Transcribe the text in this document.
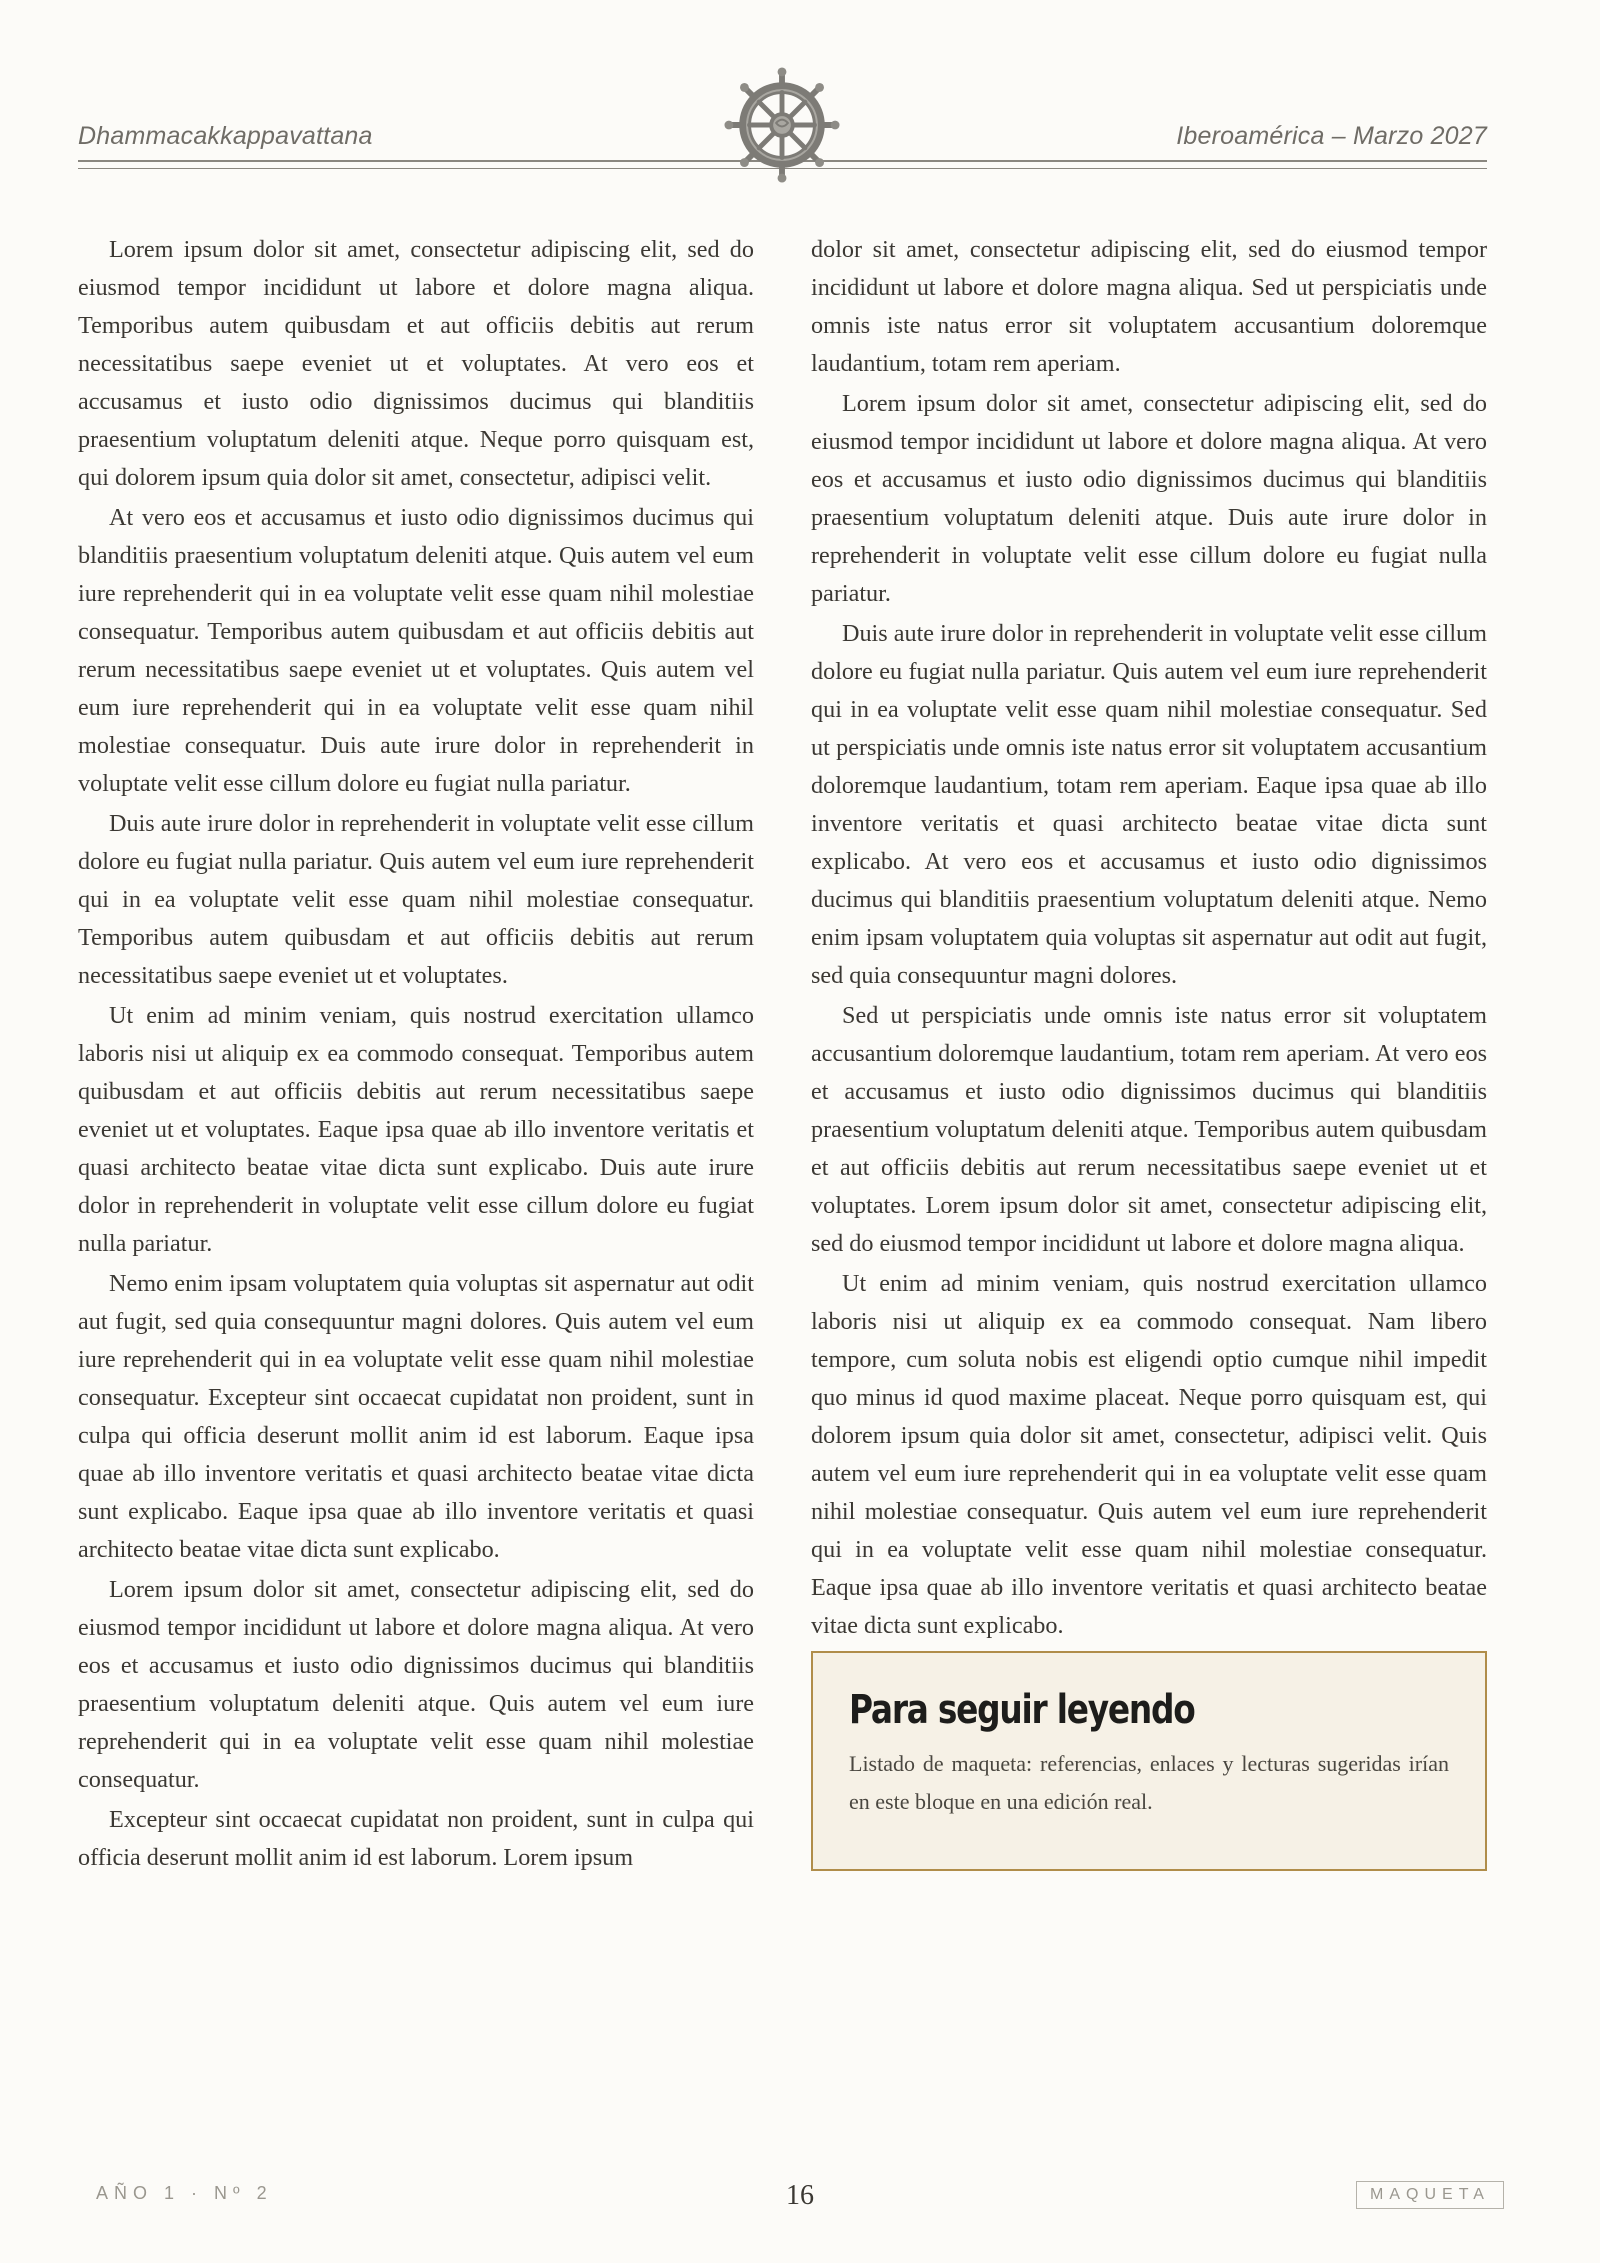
Dhammacakkappavattana	Iberoamérica – Marzo 2027

Lorem ipsum dolor sit amet, consectetur adipiscing elit, sed do eiusmod tempor incididunt ut labore et dolore magna aliqua. Temporibus autem quibusdam et aut officiis debitis aut rerum necessitatibus saepe eveniet ut et voluptates. At vero eos et accusamus et iusto odio dignissimos ducimus qui blanditiis praesentium voluptatum deleniti atque. Neque porro quisquam est, qui dolorem ipsum quia dolor sit amet, consectetur, adipisci velit.

At vero eos et accusamus et iusto odio dignissimos ducimus qui blanditiis praesentium voluptatum deleniti atque. Quis autem vel eum iure reprehenderit qui in ea voluptate velit esse quam nihil molestiae consequatur. Temporibus autem quibusdam et aut officiis debitis aut rerum necessitatibus saepe eveniet ut et voluptates. Quis autem vel eum iure reprehenderit qui in ea voluptate velit esse quam nihil molestiae consequatur. Duis aute irure dolor in reprehenderit in voluptate velit esse cillum dolore eu fugiat nulla pariatur.

Duis aute irure dolor in reprehenderit in voluptate velit esse cillum dolore eu fugiat nulla pariatur. Quis autem vel eum iure reprehenderit qui in ea voluptate velit esse quam nihil molestiae consequatur. Temporibus autem quibusdam et aut officiis debitis aut rerum necessitatibus saepe eveniet ut et voluptates.

Ut enim ad minim veniam, quis nostrud exercitation ullamco laboris nisi ut aliquip ex ea commodo consequat. Temporibus autem quibusdam et aut officiis debitis aut rerum necessitatibus saepe eveniet ut et voluptates. Eaque ipsa quae ab illo inventore veritatis et quasi architecto beatae vitae dicta sunt explicabo. Duis aute irure dolor in reprehenderit in voluptate velit esse cillum dolore eu fugiat nulla pariatur.

Nemo enim ipsam voluptatem quia voluptas sit aspernatur aut odit aut fugit, sed quia consequuntur magni dolores. Quis autem vel eum iure reprehenderit qui in ea voluptate velit esse quam nihil molestiae consequatur. Excepteur sint occaecat cupidatat non proident, sunt in culpa qui officia deserunt mollit anim id est laborum. Eaque ipsa quae ab illo inventore veritatis et quasi architecto beatae vitae dicta sunt explicabo. Eaque ipsa quae ab illo inventore veritatis et quasi architecto beatae vitae dicta sunt explicabo.

Lorem ipsum dolor sit amet, consectetur adipiscing elit, sed do eiusmod tempor incididunt ut labore et dolore magna aliqua. At vero eos et accusamus et iusto odio dignissimos ducimus qui blanditiis praesentium voluptatum deleniti atque. Quis autem vel eum iure reprehenderit qui in ea voluptate velit esse quam nihil molestiae consequatur.

Excepteur sint occaecat cupidatat non proident, sunt in culpa qui officia deserunt mollit anim id est laborum. Lorem ipsum

dolor sit amet, consectetur adipiscing elit, sed do eiusmod tempor incididunt ut labore et dolore magna aliqua. Sed ut perspiciatis unde omnis iste natus error sit voluptatem accusantium doloremque laudantium, totam rem aperiam.

Lorem ipsum dolor sit amet, consectetur adipiscing elit, sed do eiusmod tempor incididunt ut labore et dolore magna aliqua. At vero eos et accusamus et iusto odio dignissimos ducimus qui blanditiis praesentium voluptatum deleniti atque. Duis aute irure dolor in reprehenderit in voluptate velit esse cillum dolore eu fugiat nulla pariatur.

Duis aute irure dolor in reprehenderit in voluptate velit esse cillum dolore eu fugiat nulla pariatur. Quis autem vel eum iure reprehenderit qui in ea voluptate velit esse quam nihil molestiae consequatur. Sed ut perspiciatis unde omnis iste natus error sit voluptatem accusantium doloremque laudantium, totam rem aperiam. Eaque ipsa quae ab illo inventore veritatis et quasi architecto beatae vitae dicta sunt explicabo. At vero eos et accusamus et iusto odio dignissimos ducimus qui blanditiis praesentium voluptatum deleniti atque. Nemo enim ipsam voluptatem quia voluptas sit aspernatur aut odit aut fugit, sed quia consequuntur magni dolores.

Sed ut perspiciatis unde omnis iste natus error sit voluptatem accusantium doloremque laudantium, totam rem aperiam. At vero eos et accusamus et iusto odio dignissimos ducimus qui blanditiis praesentium voluptatum deleniti atque. Temporibus autem quibusdam et aut officiis debitis aut rerum necessitatibus saepe eveniet ut et voluptates. Lorem ipsum dolor sit amet, consectetur adipiscing elit, sed do eiusmod tempor incididunt ut labore et dolore magna aliqua.

Ut enim ad minim veniam, quis nostrud exercitation ullamco laboris nisi ut aliquip ex ea commodo consequat. Nam libero tempore, cum soluta nobis est eligendi optio cumque nihil impedit quo minus id quod maxime placeat. Neque porro quisquam est, qui dolorem ipsum quia dolor sit amet, consectetur, adipisci velit. Quis autem vel eum iure reprehenderit qui in ea voluptate velit esse quam nihil molestiae consequatur. Quis autem vel eum iure reprehenderit qui in ea voluptate velit esse quam nihil molestiae consequatur. Eaque ipsa quae ab illo inventore veritatis et quasi architecto beatae vitae dicta sunt explicabo.

Para seguir leyendo

Listado de maqueta: referencias, enlaces y lecturas sugeridas irían en este bloque en una edición real.

AÑO 1 · Nº 2	16	MAQUETA
